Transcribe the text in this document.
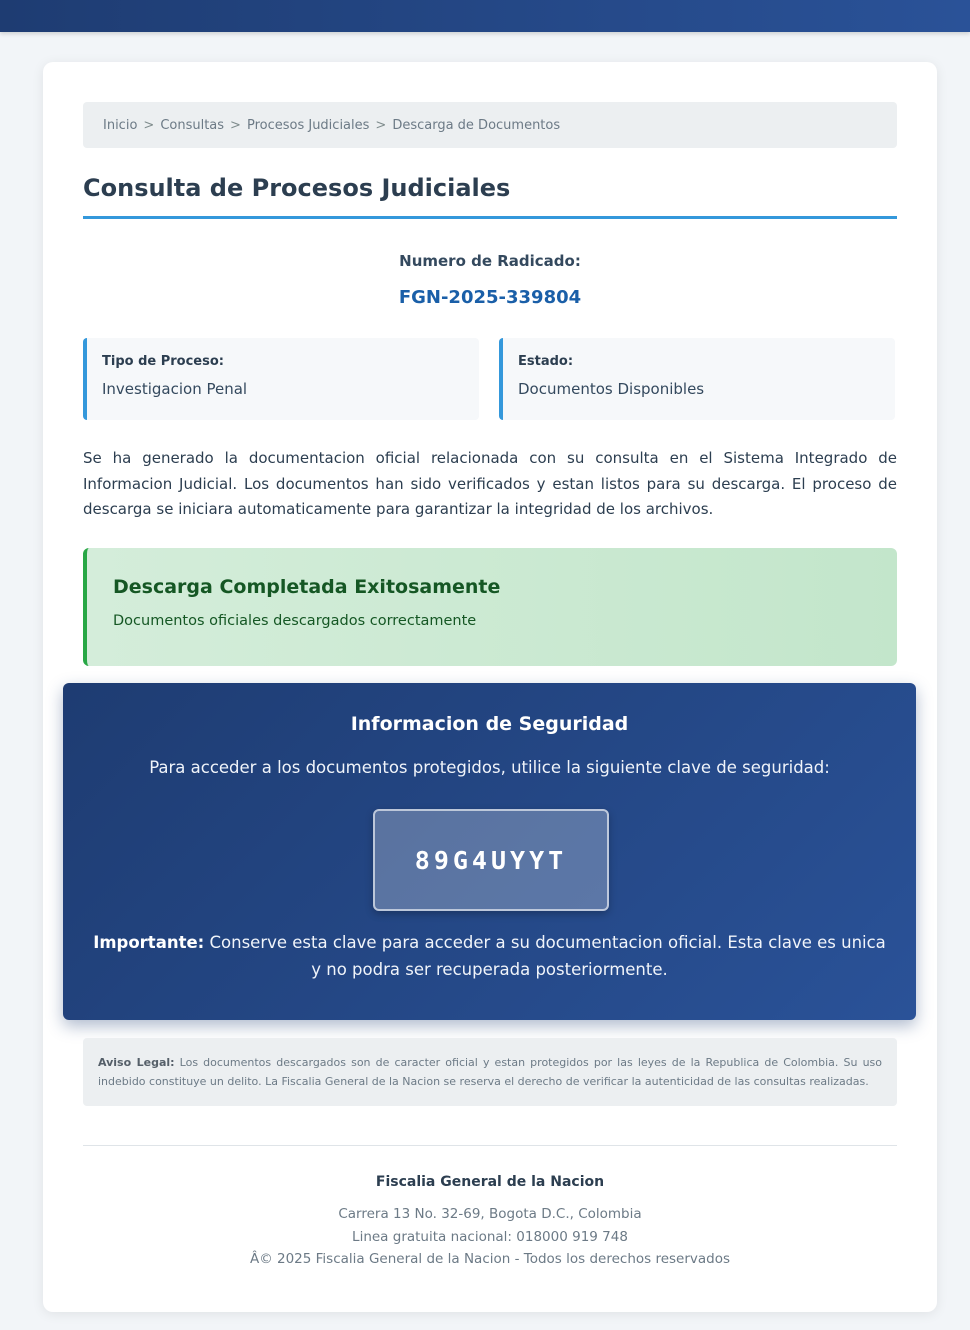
Inicio > Consultas > Procesos Judiciales > Descarga de Documentos
Consulta de Procesos Judiciales
Numero de Radicado:
FGN-2025-339804
Tipo de Proceso:
Investigacion Penal
Estado:
Documentos Disponibles

Se ha generado la documentacion oficial relacionada con su consulta en el Sistema Integrado de Informacion Judicial. Los documentos han sido verificados y estan listos para su descarga. El proceso de descarga se iniciara automaticamente para garantizar la integridad de los archivos.

Descarga Completada Exitosamente
Documentos oficiales descargados correctamente
Informacion de Seguridad
Para acceder a los documentos protegidos, utilice la siguiente clave de seguridad:
89G4UYYT
Importante: Conserve esta clave para acceder a su documentacion oficial. Esta clave es unica y no podra ser recuperada posteriormente.
Aviso Legal: Los documentos descargados son de caracter oficial y estan protegidos por las leyes de la Republica de Colombia. Su uso indebido constituye un delito. La Fiscalia General de la Nacion se reserva el derecho de verificar la autenticidad de las consultas realizadas.
Fiscalia General de la Nacion
Carrera 13 No. 32-69, Bogota D.C., Colombia
Linea gratuita nacional: 018000 919 748
Â© 2025 Fiscalia General de la Nacion - Todos los derechos reservados
